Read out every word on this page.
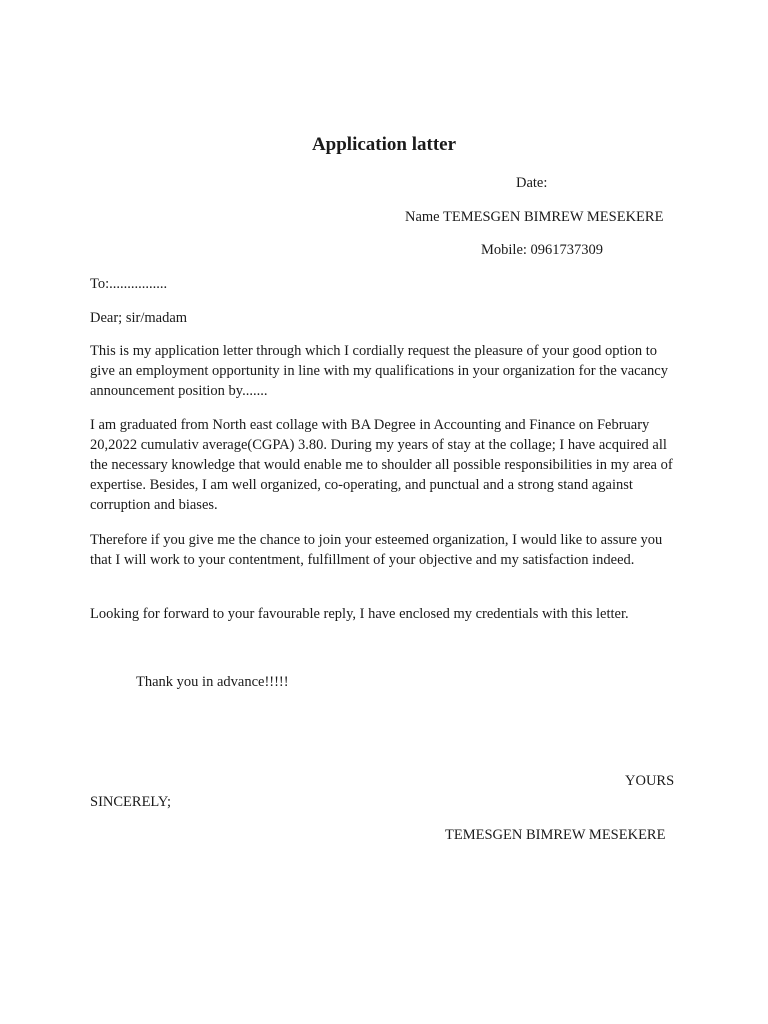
Application latter
Date:
Name TEMESGEN BIMREW MESEKERE
Mobile: 0961737309
To:................
Dear; sir/madam

This is my application letter through which I cordially request the pleasure of your good option to give an employment opportunity in line with my qualifications in your organization for the vacancy announcement position by.......

I am graduated from North east collage with BA Degree in Accounting and Finance on February 20,2022 cumulativ average(CGPA) 3.80. During my years of stay at the collage; I have acquired all the necessary knowledge that would enable me to shoulder all possible responsibilities in my area of expertise. Besides, I am well organized, co-operating, and punctual and a strong stand against corruption and biases.

Therefore if you give me the chance to join your esteemed organization, I would like to assure you that I will work to your contentment, fulfillment of your objective and my satisfaction indeed.

Looking for forward to your favourable reply, I have enclosed my credentials with this letter.

Thank you in advance!!!!!
YOURS
SINCERELY;
TEMESGEN BIMREW MESEKERE
